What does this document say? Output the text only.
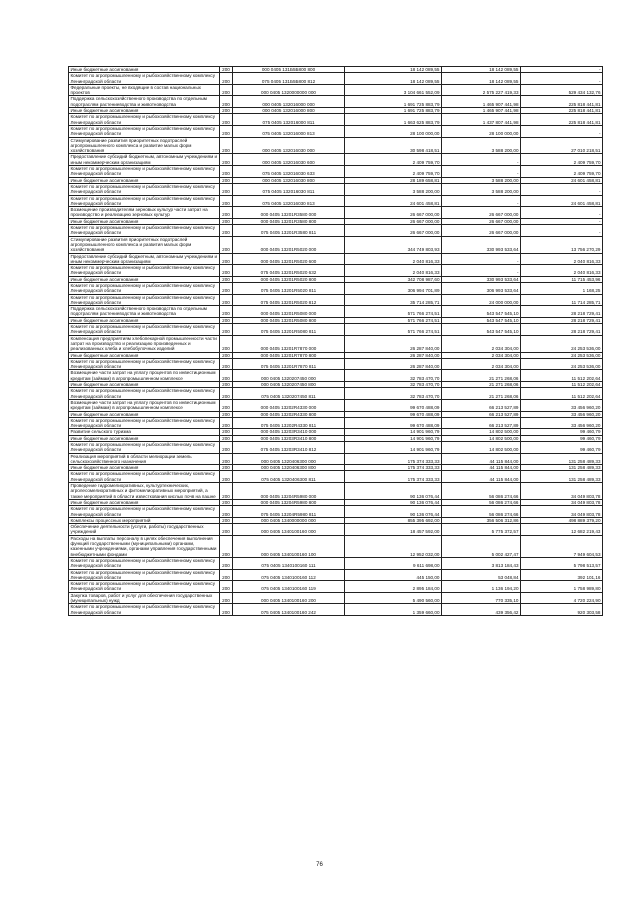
Иные бюджетные ассигнования	200	000 0405 131Б5Б800 800	18 142 089,55	18 142 089,55	-
Комитет по агропромышленному и рыбохозяйственному комплексу Ленинградской области	200	075 0405 131Б5Б800 812	18 142 089,55	18 142 089,55	-
Федеральные проекты, не входящие в состав национальных проектов	200	000 0405 1320000000 000	3 104 661 552,09	2 575 227 419,33	529 434 132,76
Поддержка сельскохозяйственного производства по отдельным подотраслям растениеводства и животноводства	200	000 0405 132016000 000	1 691 725 883,79	1 465 907 441,98	225 818 441,81
Иные бюджетные ассигнования	200	000 0405 132016000 800	1 691 725 883,79	1 465 907 441,98	225 818 441,81
Комитет по агропромышленному и рыбохозяйственному комплексу Ленинградской области	200	075 0405 132016000 811	1 663 625 883,79	1 437 807 441,98	225 818 441,81
Комитет по агропромышленному и рыбохозяйственному комплексу Ленинградской области	200	075 0405 132016000 813	28 100 000,00	28 100 000,00	-
Стимулирование развития приоритетных подотраслей агропромышленного комплекса и развитие малых форм хозяйствования	200	000 0405 132016030 000	30 598 418,51	3 588 200,00	27 010 218,51
Предоставление субсидий бюджетным, автономным учреждениям и иным некоммерческим организациям	200	000 0405 132016030 600	2 409 759,70	-	2 409 759,70
Комитет по агропромышленному и рыбохозяйственному комплексу Ленинградской области	200	075 0405 132016030 633	2 409 759,70	-	2 409 759,70
Иные бюджетные ассигнования	200	000 0405 132016030 800	28 189 658,81	3 588 200,00	24 601 458,81
Комитет по агропромышленному и рыбохозяйственному комплексу Ленинградской области	200	075 0405 132016030 811	3 588 200,00	3 588 200,00	-
Комитет по агропромышленному и рыбохозяйственному комплексу Ленинградской области	200	075 0405 132016030 813	24 601 458,81	-	24 601 458,81
Возмещение производителям зерновых культур части затрат на производство и реализацию зерновых культур	200	000 0405 13201R3580 000	26 667 000,00	26 667 000,00	-
Иные бюджетные ассигнования	200	000 0405 13201R3580 800	26 667 000,00	26 667 000,00	-
Комитет по агропромышленному и рыбохозяйственному комплексу Ленинградской области	200	075 0405 13201R3580 811	26 667 000,00	26 667 000,00	-
Стимулирование развития приоритетных подотраслей агропромышленного комплекса и развития малых форм хозяйствования	200	000 0405 13201R5020 000	344 749 803,93	330 993 533,64	13 756 270,29
Предоставление субсидий бюджетным, автономным учреждениям и иным некоммерческим организациям	200	000 0405 13201R5020 600	2 040 816,33	-	2 040 816,33
Комитет по агропромышленному и рыбохозяйственному комплексу Ленинградской области	200	075 0405 13201R5020 632	2 040 816,33	-	2 040 816,33
Иные бюджетные ассигнования	200	000 0405 13201R5020 800	342 708 987,60	330 993 533,64	11 715 453,96
Комитет по агропромышленному и рыбохозяйственному комплексу Ленинградской области	200	075 0405 13201R5020 811	306 994 701,89	306 993 533,64	1 168,25
Комитет по агропромышленному и рыбохозяйственному комплексу Ленинградской области	200	075 0405 13201R5020 812	35 714 285,71	24 000 000,00	11 714 285,71
Поддержка сельскохозяйственного производства по отдельным подотраслям растениеводства и животноводства	200	000 0405 13201R5080 000	571 766 274,51	543 547 545,10	28 218 729,41
Иные бюджетные ассигнования	200	000 0405 13201R5080 800	571 766 274,51	543 547 545,10	28 218 729,41
Комитет по агропромышленному и рыбохозяйственному комплексу Ленинградской области	200	075 0405 13201R5080 811	571 766 274,51	543 547 545,10	28 218 729,41
Компенсация предприятиям хлебопекарной промышленности части затрат на производство и реализацию произведенных и реализованных хлеба и хлебобулочных изделий	200	000 0405 13201R7870 000	26 287 840,00	2 034 304,00	24 253 536,00
Иные бюджетные ассигнования	200	000 0405 13201R7870 800	26 287 840,00	2 034 304,00	24 253 536,00
Комитет по агропромышленному и рыбохозяйственному комплексу Ленинградской области	200	075 0405 13201R7870 811	26 287 840,00	2 034 304,00	24 253 536,00
Возмещение части затрат на уплату процентов по инвестиционным кредитам (займам) в агропромышленном комплексе	200	000 0405 1320207450 000	32 783 470,70	21 271 268,06	11 512 202,64
Иные бюджетные ассигнования	200	000 0405 1320207450 800	32 783 470,70	21 271 268,06	11 512 202,64
Комитет по агропромышленному и рыбохозяйственному комплексу Ленинградской области	200	075 0405 1320207450 811	32 783 470,70	21 271 268,06	11 512 202,64
Возмещение части затрат на уплату процентов по инвестиционным кредитам (займам) в агропромышленном комплексе	200	000 0405 13202R4330 000	99 670 488,09	66 213 527,89	33 456 960,20
Иные бюджетные ассигнования	200	000 0405 13202R4330 800	99 670 488,09	66 213 527,89	33 456 960,20
Комитет по агропромышленному и рыбохозяйственному комплексу Ленинградской области	200	075 0405 13202R4330 811	99 670 488,09	66 213 527,89	33 456 960,20
Развитие сельского туризма	200	000 0405 13203R3410 000	14 901 960,79	14 802 500,00	99 460,79
Иные бюджетные ассигнования	200	000 0405 13203R3410 800	14 901 960,79	14 802 500,00	99 460,79
Комитет по агропромышленному и рыбохозяйственному комплексу Ленинградской области	200	075 0405 13203R3410 812	14 901 960,79	14 802 500,00	99 460,79
Реализация мероприятий в области мелиорации земель сельскохозяйственного назначения	200	000 0405 1320406300 000	175 374 333,33	44 115 844,00	131 258 489,33
Иные бюджетные ассигнования	200	000 0405 1320406300 800	175 374 333,33	44 115 844,00	131 258 489,33
Комитет по агропромышленному и рыбохозяйственному комплексу Ленинградской области	200	075 0405 1320406300 811	175 374 333,33	44 115 844,00	131 258 489,33
Проведение гидромелиоративных, культуртехнических, агролесомелиоративных и фитомелиоративных мероприятий, а также мероприятий в области известкования кислых почв на пашне	200	000 0405 13204R5980 000	90 136 076,44	56 086 274,66	34 049 803,78
Иные бюджетные ассигнования	200	000 0405 13204R5980 800	90 136 076,44	56 086 274,66	34 049 803,78
Комитет по агропромышленному и рыбохозяйственному комплексу Ленинградской области	200	075 0405 13204R5980 811	90 136 076,44	56 086 274,66	34 049 803,78
Комплексы процессных мероприятий	200	000 0405 1340000000 000	855 395 692,00	356 506 312,86	498 889 379,20
Обеспечение деятельности (услуги, работы) государственных учреждений	200	000 0405 1340100160 000	18 457 592,00	5 775 372,57	12 682 219,43
Расходы на выплаты персоналу в целях обеспечения выполнения функций государственными (муниципальными) органами, казенными учреждениями, органами управления государственными внебюджетными фондами	200	000 0405 1340100160 100	12 952 032,00	5 002 427,47	7 949 604,53
Комитет по агропромышленному и рыбохозяйственному комплексу Ленинградской области	200	075 0405 1340100160 111	9 611 698,00	3 813 184,43	5 798 513,57
Комитет по агропромышленному и рыбохозяйственному комплексу Ленинградской области	200	075 0405 1340100160 112	445 150,00	53 048,84	392 101,16
Комитет по агропромышленному и рыбохозяйственному комплексу Ленинградской области	200	075 0405 1340100160 119	2 895 184,00	1 136 194,20	1 758 989,80
Закупка товаров, работ и услуг для обеспечения государственных (муниципальных) нужд	200	000 0405 1340100160 200	5 490 560,00	770 335,10	4 720 224,90
Комитет по агропромышленному и рыбохозяйственному комплексу Ленинградской области	200	075 0405 1340100160 242	1 359 660,00	439 356,42	920 303,58
76
